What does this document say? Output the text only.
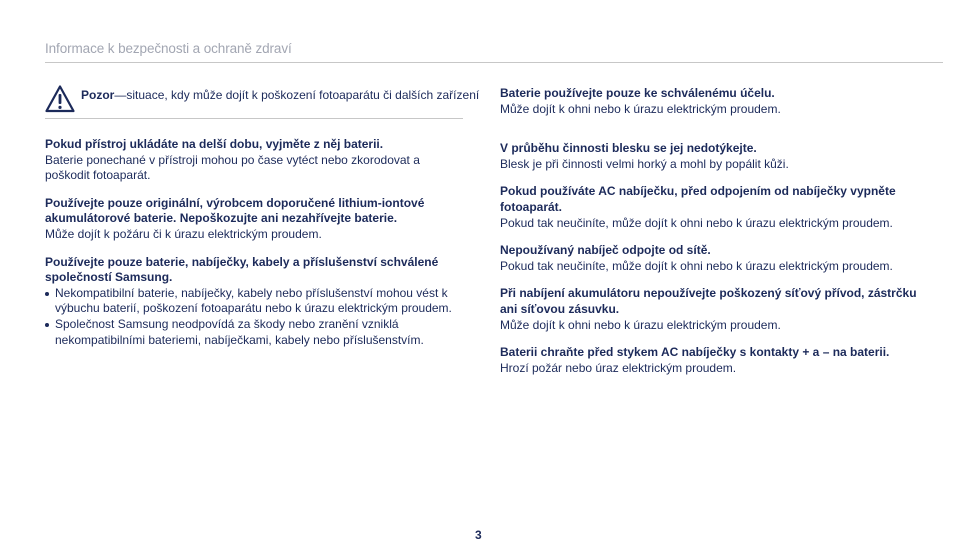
Informace k bezpečnosti a ochraně zdraví
Pozor—situace, kdy může dojít k poškození fotoaparátu či dalších zařízení

Pokud přístroj ukládáte na delší dobu, vyjměte z něj baterii.

Baterie ponechané v přístroji mohou po čase vytéct nebo zkorodovat a poškodit fotoaparát.

Používejte pouze originální, výrobcem doporučené lithium-iontové akumulátorové baterie. Nepoškozujte ani nezahřívejte baterie.

Může dojít k požáru či k úrazu elektrickým proudem.

Používejte pouze baterie, nabíječky, kabely a příslušenství schválené společností Samsung.

Nekompatibilní baterie, nabíječky, kabely nebo příslušenství mohou vést k výbuchu baterií, poškození fotoaparátu nebo k úrazu elektrickým proudem.
Společnost Samsung neodpovídá za škody nebo zranění vzniklá nekompatibilními bateriemi, nabíječkami, kabely nebo příslušenstvím.

Baterie používejte pouze ke schválenému účelu.

Může dojít k ohni nebo k úrazu elektrickým proudem.

V průběhu činnosti blesku se jej nedotýkejte.

Blesk je při činnosti velmi horký a mohl by popálit kůži.

Pokud používáte AC nabíječku, před odpojením od nabíječky vypněte fotoaparát.

Pokud tak neučiníte, může dojít k ohni nebo k úrazu elektrickým proudem.

Nepoužívaný nabíječ odpojte od sítě.

Pokud tak neučiníte, může dojít k ohni nebo k úrazu elektrickým proudem.

Při nabíjení akumulátoru nepoužívejte poškozený síťový přívod, zástrčku ani síťovou zásuvku.

Může dojít k ohni nebo k úrazu elektrickým proudem.

Baterii chraňte před stykem AC nabíječky s kontakty + a – na baterii.

Hrozí požár nebo úraz elektrickým proudem.

3
